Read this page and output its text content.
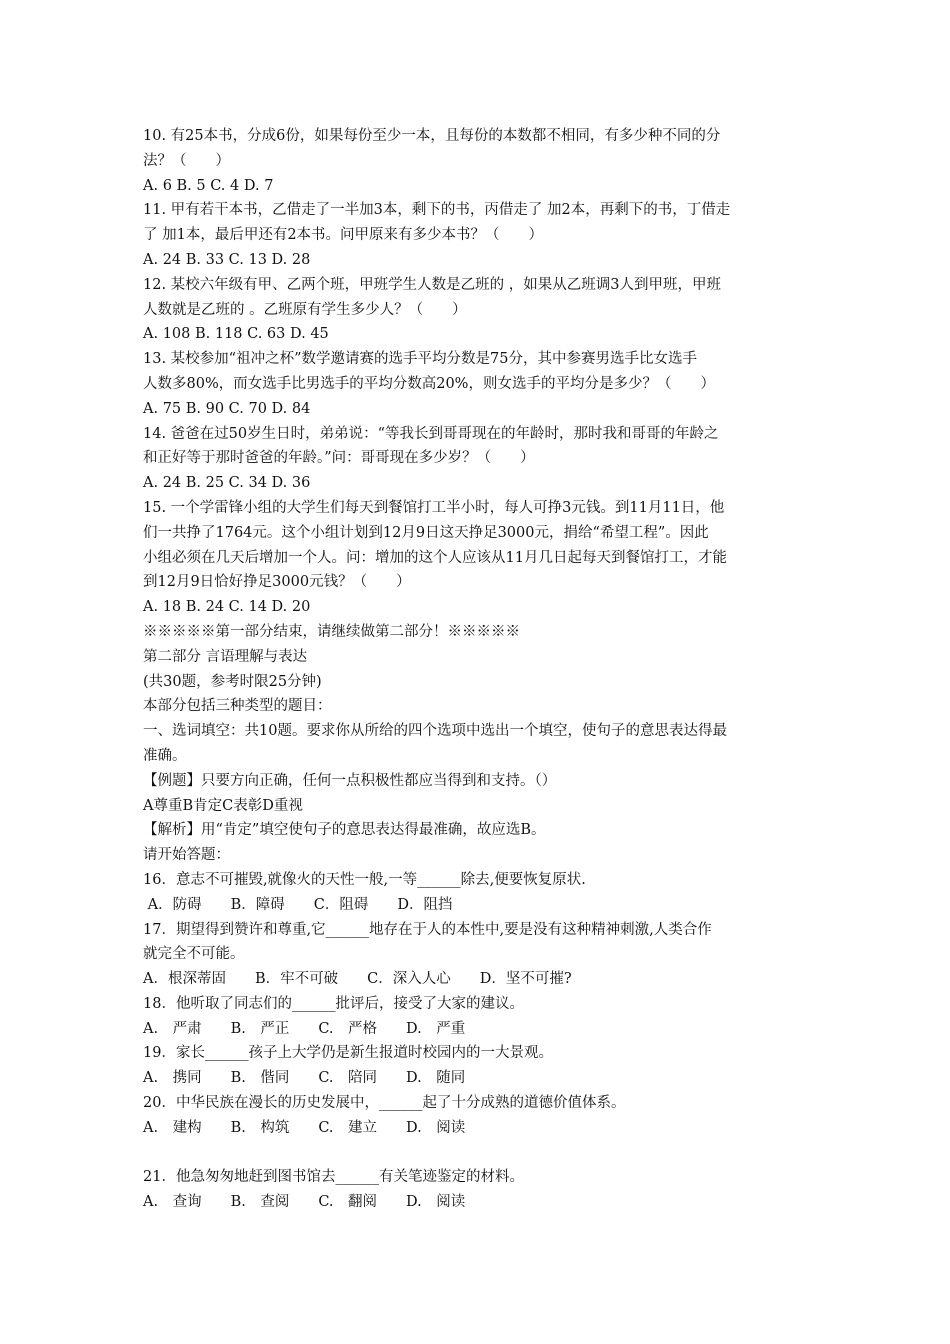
10. 有25本书，分成6份，如果每份至少一本，且每份的本数都不相同，有多少种不同的分
法？（　　）
A. 6 B. 5 C. 4 D. 7
11. 甲有若干本书，乙借走了一半加3本，剩下的书，丙借走了 加2本，再剩下的书，丁借走
了 加1本，最后甲还有2本书。问甲原来有多少本书？（　　）
A. 24 B. 33 C. 13 D. 28
12. 某校六年级有甲、乙两个班，甲班学生人数是乙班的 ，如果从乙班调3人到甲班，甲班
人数就是乙班的 。乙班原有学生多少人？（　　）
A. 108 B. 118 C. 63 D. 45
13. 某校参加“祖冲之杯”数学邀请赛的选手平均分数是75分，其中参赛男选手比女选手
人数多80%，而女选手比男选手的平均分数高20%，则女选手的平均分是多少？（　　）
A. 75 B. 90 C. 70 D. 84
14. 爸爸在过50岁生日时，弟弟说：“等我长到哥哥现在的年龄时，那时我和哥哥的年龄之
和正好等于那时爸爸的年龄。”问：哥哥现在多少岁？（　　）
A. 24 B. 25 C. 34 D. 36
15. 一个学雷锋小组的大学生们每天到餐馆打工半小时，每人可挣3元钱。到11月11日，他
们一共挣了1764元。这个小组计划到12月9日这天挣足3000元，捐给“希望工程”。因此
小组必须在几天后增加一个人。问：增加的这个人应该从11月几日起每天到餐馆打工，才能
到12月9日恰好挣足3000元钱？（　　）
A. 18 B. 24 C. 14 D. 20
※※※※※第一部分结束，请继续做第二部分！※※※※※
第二部分 言语理解与表达
(共30题，参考时限25分钟)
本部分包括三种类型的题目：
一、选词填空：共10题。要求你从所给的四个选项中选出一个填空，使句子的意思表达得最
准确。
【例题】只要方向正确，任何一点积极性都应当得到和支持。（）
A尊重B肯定C表彰D重视
【解析】用“肯定”填空使句子的意思表达得最准确，故应选B。
请开始答题：
16．意志不可摧毁,就像火的天性一般,一等______除去,便要恢复原状.
A．防碍　　B．障碍　　C．阻碍　　D．阻挡
17．期望得到赞许和尊重,它______地存在于人的本性中,要是没有这种精神刺激,人类合作
就完全不可能。
A．根深蒂固　　B．牢不可破　　C．深入人心　　D．坚不可摧?
18．他听取了同志们的______批评后，接受了大家的建议。
A.　严肃　　B.　严正　　C.　严格　　D.　严重
19．家长______孩子上大学仍是新生报道时校园内的一大景观。
A.　携同　　B.　偕同　　C.　陪同　　D.　随同
20．中华民族在漫长的历史发展中，______起了十分成熟的道德价值体系。
A.　建构　　B.　构筑　　C.　建立　　D.　阅读
21．他急匆匆地赶到图书馆去______有关笔迹鉴定的材料。
A.　查询　　B.　查阅　　C.　翻阅　　D.　阅读
